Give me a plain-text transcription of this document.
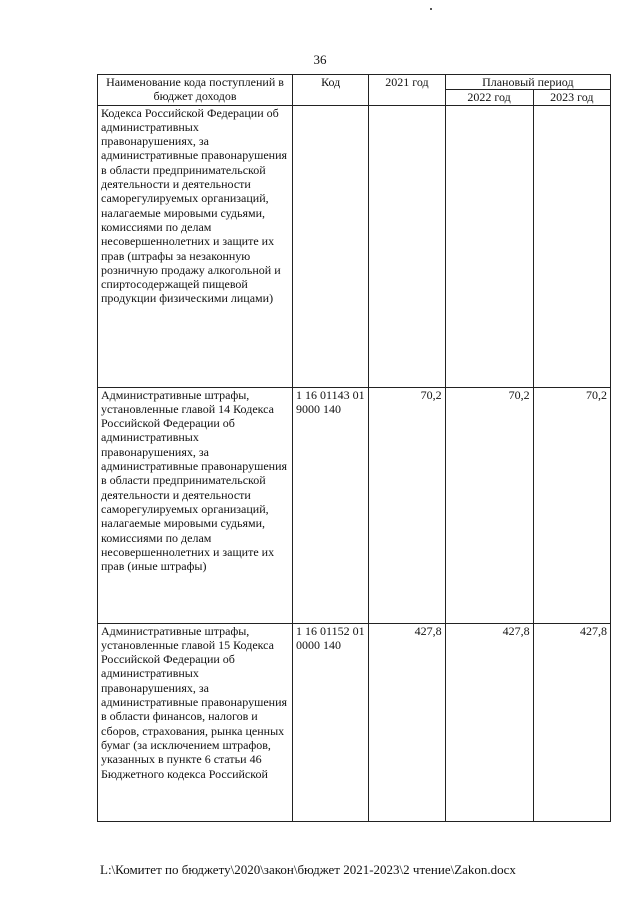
36
Наименование кода поступлений в бюджет доходов	Код	2021 год	Плановый период	
			2022 год	2023 год
Кодекса Российской Федерации об административных правонарушениях, за административные правонарушения в области предпринимательской деятельности и деятельности саморегулируемых организаций, налагаемые мировыми судьями, комиссиями по делам несовершеннолетних и защите их прав (штрафы за незаконную розничную продажу алкогольной и спиртосодержащей пищевой продукции физическими лицами)				
Административные штрафы, установленные главой 14 Кодекса Российской Федерации об административных правонарушениях, за административные правонарушения в области предпринимательской деятельности и деятельности саморегулируемых организаций, налагаемые мировыми судьями, комиссиями по делам несовершеннолетних и защите их прав (иные штрафы)	1 16 01143 01 9000 140	70,2	70,2	70,2
Административные штрафы, установленные главой 15 Кодекса Российской Федерации об административных правонарушениях, за административные правонарушения в области финансов, налогов и сборов, страхования, рынка ценных бумаг (за исключением штрафов, указанных в пункте 6 статьи 46 Бюджетного кодекса Российской	1 16 01152 01 0000 140	427,8	427,8	427,8
L:\Комитет по бюджету\2020\закон\бюджет 2021-2023\2 чтение\Zakon.docx
